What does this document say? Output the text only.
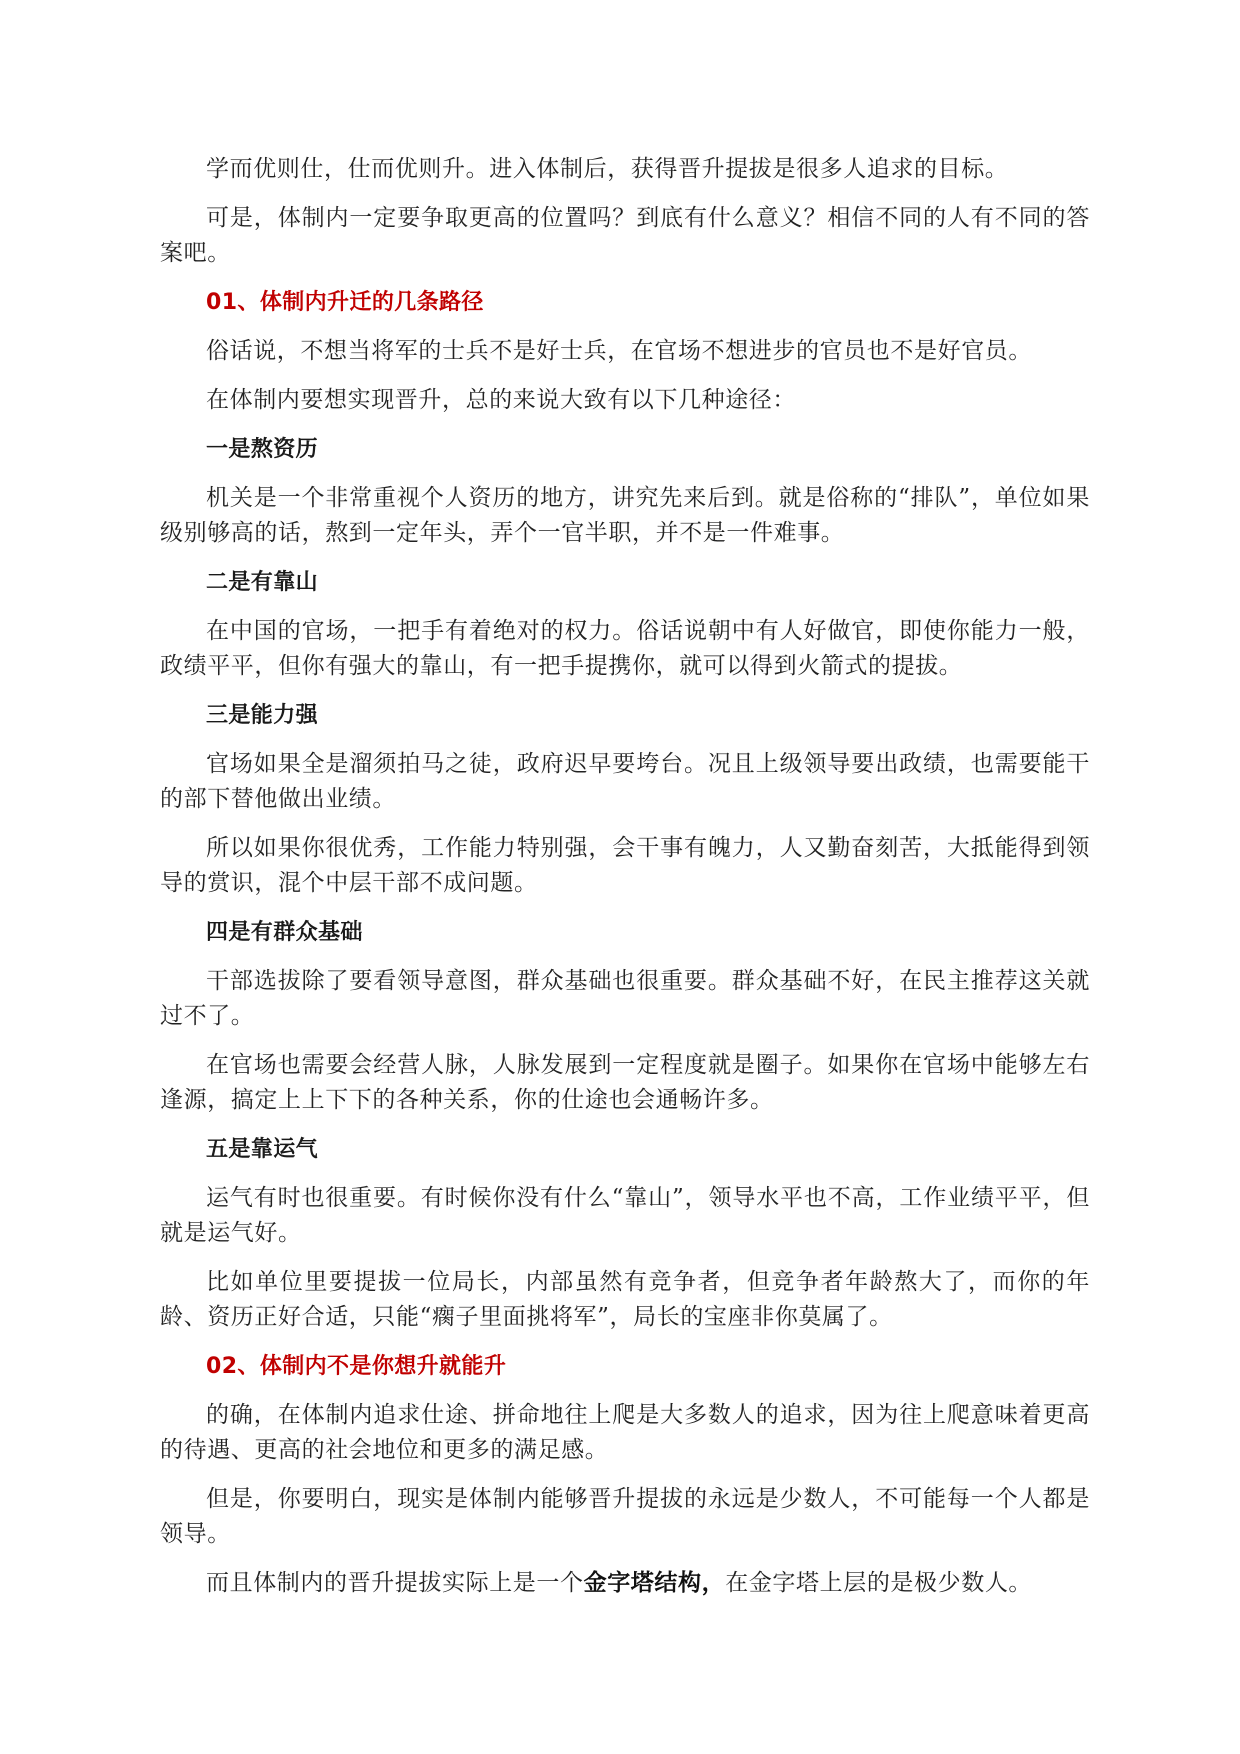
学而优则仕，仕而优则升。进入体制后，获得晋升提拔是很多人追求的目标。

可是，体制内一定要争取更高的位置吗？到底有什么意义？相信不同的人有不同的答案吧。

01、体制内升迁的几条路径

俗话说，不想当将军的士兵不是好士兵，在官场不想进步的官员也不是好官员。

在体制内要想实现晋升，总的来说大致有以下几种途径：

一是熬资历

机关是一个非常重视个人资历的地方，讲究先来后到。就是俗称的“排队”，单位如果级别够高的话，熬到一定年头，弄个一官半职，并不是一件难事。

二是有靠山

在中国的官场，一把手有着绝对的权力。俗话说朝中有人好做官，即使你能力一般，政绩平平，但你有强大的靠山，有一把手提携你，就可以得到火箭式的提拔。

三是能力强

官场如果全是溜须拍马之徒，政府迟早要垮台。况且上级领导要出政绩，也需要能干的部下替他做出业绩。

所以如果你很优秀，工作能力特别强，会干事有魄力，人又勤奋刻苦，大抵能得到领导的赏识，混个中层干部不成问题。

四是有群众基础

干部选拔除了要看领导意图，群众基础也很重要。群众基础不好，在民主推荐这关就过不了。

在官场也需要会经营人脉，人脉发展到一定程度就是圈子。如果你在官场中能够左右逢源，搞定上上下下的各种关系，你的仕途也会通畅许多。

五是靠运气

运气有时也很重要。有时候你没有什么“靠山”，领导水平也不高，工作业绩平平，但就是运气好。

比如单位里要提拔一位局长，内部虽然有竞争者，但竞争者年龄熬大了，而你的年龄、资历正好合适，只能“瘸子里面挑将军”，局长的宝座非你莫属了。

02、体制内不是你想升就能升

的确，在体制内追求仕途、拼命地往上爬是大多数人的追求，因为往上爬意味着更高的待遇、更高的社会地位和更多的满足感。

但是，你要明白，现实是体制内能够晋升提拔的永远是少数人，不可能每一个人都是领导。

而且体制内的晋升提拔实际上是一个金字塔结构，在金字塔上层的是极少数人。
